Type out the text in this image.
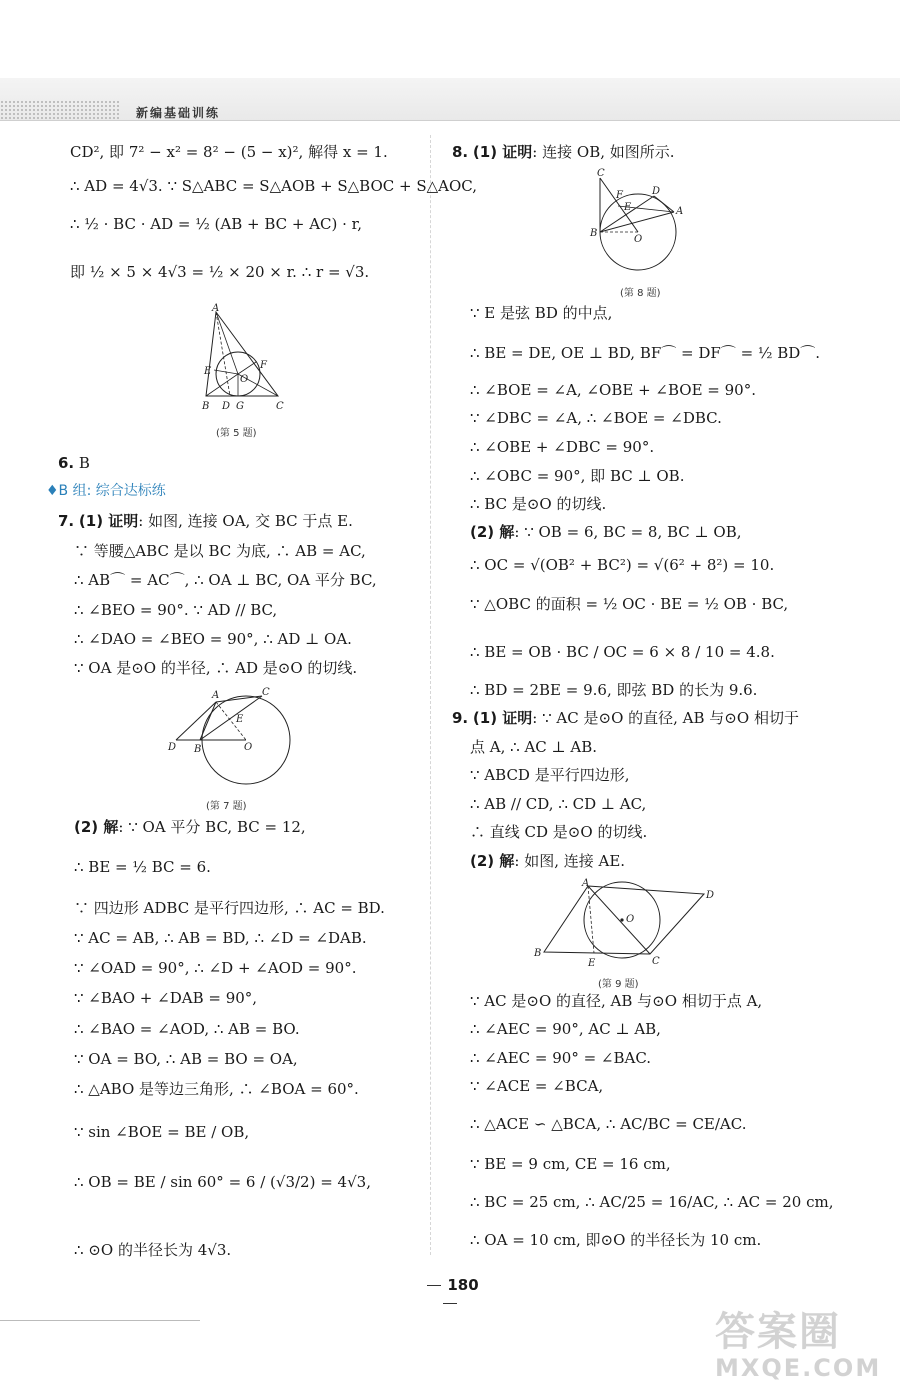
新编基础训练
CD², 即 7² − x² = 8² − (5 − x)², 解得 x = 1.
∴ AD = 4√3. ∵ S△ABC = S△AOB + S△BOC + S△AOC,
∴ ½ · BC · AD = ½ (AB + BC + AC) · r,
即 ½ × 5 × 4√3 = ½ × 20 × r. ∴ r = √3.
A
E
O
F
B D G	C
(第 5 题)
6. B
♦B 组: 综合达标练
7. (1) 证明: 如图, 连接 OA, 交 BC 于点 E.
∵ 等腰△ABC 是以 BC 为底, ∴ AB = AC,
∴ AB⌒ = AC⌒, ∴ OA ⊥ BC, OA 平分 BC,
∴ ∠BEO = 90°. ∵ AD // BC,
∴ ∠DAO = ∠BEO = 90°, ∴ AD ⊥ OA.
∵ OA 是⊙O 的半径, ∴ AD 是⊙O 的切线.
A	C
E
D B	O
(第 7 题)
(2) 解: ∵ OA 平分 BC, BC = 12,
∴ BE = ½ BC = 6.
∵ 四边形 ADBC 是平行四边形, ∴ AC = BD.
∵ AC = AB, ∴ AB = BD, ∴ ∠D = ∠DAB.
∵ ∠OAD = 90°, ∴ ∠D + ∠AOD = 90°.
∵ ∠BAO + ∠DAB = 90°,
∴ ∠BAO = ∠AOD, ∴ AB = BO.
∵ OA = BO, ∴ AB = BO = OA,
∴ △ABO 是等边三角形, ∴ ∠BOA = 60°.
∵ sin ∠BOE = BE / OB,
∴ OB = BE / sin 60° = 6 / (√3/2) = 4√3,
∴ ⊙O 的半径长为 4√3.
8. (1) 证明: 连接 OB, 如图所示.
C
F	D
E	A
B
O
(第 8 题)
∵ E 是弦 BD 的中点,
∴ BE = DE, OE ⊥ BD, BF⌒ = DF⌒ = ½ BD⌒.
∴ ∠BOE = ∠A, ∠OBE + ∠BOE = 90°.
∵ ∠DBC = ∠A, ∴ ∠BOE = ∠DBC.
∴ ∠OBE + ∠DBC = 90°.
∴ ∠OBC = 90°, 即 BC ⊥ OB.
∴ BC 是⊙O 的切线.
(2) 解: ∵ OB = 6, BC = 8, BC ⊥ OB,
∴ OC = √(OB² + BC²) = √(6² + 8²) = 10.
∵ △OBC 的面积 = ½ OC · BE = ½ OB · BC,
∴ BE = OB · BC / OC = 6 × 8 / 10 = 4.8.
∴ BD = 2BE = 9.6, 即弦 BD 的长为 9.6.
9. (1) 证明: ∵ AC 是⊙O 的直径, AB 与⊙O 相切于
点 A, ∴ AC ⊥ AB.
∵ ABCD 是平行四边形,
∴ AB // CD, ∴ CD ⊥ AC,
∴ 直线 CD 是⊙O 的切线.
(2) 解: 如图, 连接 AE.
A
D
O
B
E	C
(第 9 题)
∵ AC 是⊙O 的直径, AB 与⊙O 相切于点 A,
∴ ∠AEC = 90°, AC ⊥ AB,
∴ ∠AEC = 90° = ∠BAC.
∵ ∠ACE = ∠BCA,
∴ △ACE ∽ △BCA, ∴ AC/BC = CE/AC.
∵ BE = 9 cm, CE = 16 cm,
∴ BC = 25 cm, ∴ AC/25 = 16/AC, ∴ AC = 20 cm,
∴ OA = 10 cm, 即⊙O 的半径长为 10 cm.
180
答案圈
MXQE.COM
